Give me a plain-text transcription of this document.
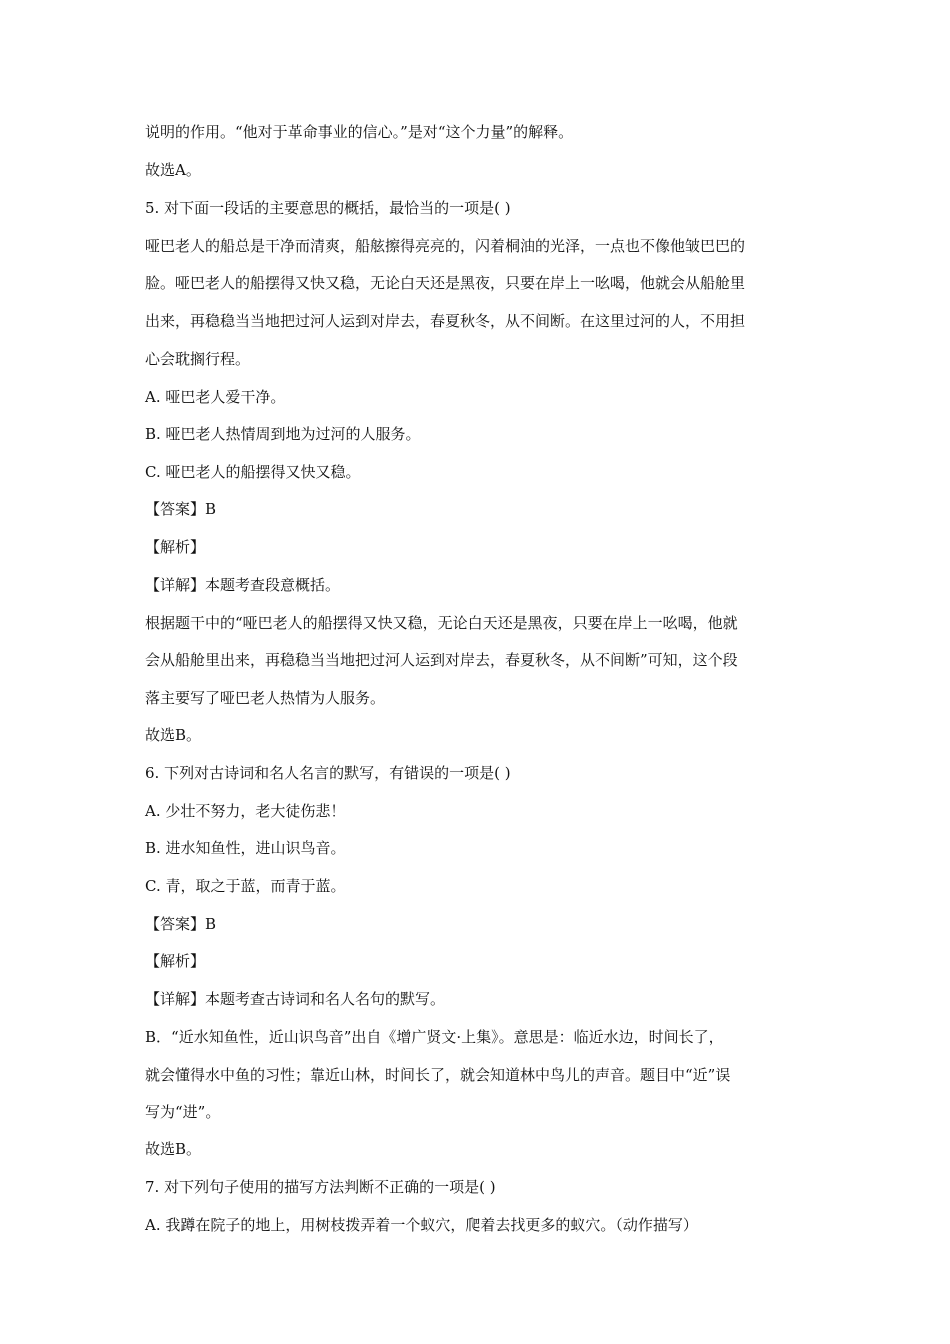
说明的作用。“他对于革命事业的信心。”是对“这个力量”的解释。
故选A。
5. 对下面一段话的主要意思的概括，最恰当的一项是( )
哑巴老人的船总是干净而清爽，船舷擦得亮亮的，闪着桐油的光泽，一点也不像他皱巴巴的
脸。哑巴老人的船摆得又快又稳，无论白天还是黑夜，只要在岸上一吆喝，他就会从船舱里
出来，再稳稳当当地把过河人运到对岸去，春夏秋冬，从不间断。在这里过河的人，不用担
心会耽搁行程。
A. 哑巴老人爱干净。
B. 哑巴老人热情周到地为过河的人服务。
C. 哑巴老人的船摆得又快又稳。
【答案】B
【解析】
【详解】本题考查段意概括。
根据题干中的“哑巴老人的船摆得又快又稳，无论白天还是黑夜，只要在岸上一吆喝，他就
会从船舱里出来，再稳稳当当地把过河人运到对岸去，春夏秋冬，从不间断”可知，这个段
落主要写了哑巴老人热情为人服务。
故选B。
6. 下列对古诗词和名人名言的默写，有错误的一项是( )
A. 少壮不努力，老大徒伤悲！
B. 进水知鱼性，进山识鸟音。
C. 青，取之于蓝，而青于蓝。
【答案】B
【解析】
【详解】本题考查古诗词和名人名句的默写。
B．“近水知鱼性，近山识鸟音”出自《增广贤文·上集》。意思是：临近水边，时间长了，
就会懂得水中鱼的习性；靠近山林，时间长了，就会知道林中鸟儿的声音。题目中“近”误
写为“进”。
故选B。
7. 对下列句子使用的描写方法判断不正确的一项是( )
A. 我蹲在院子的地上，用树枝拨弄着一个蚁穴，爬着去找更多的蚁穴。（动作描写）
